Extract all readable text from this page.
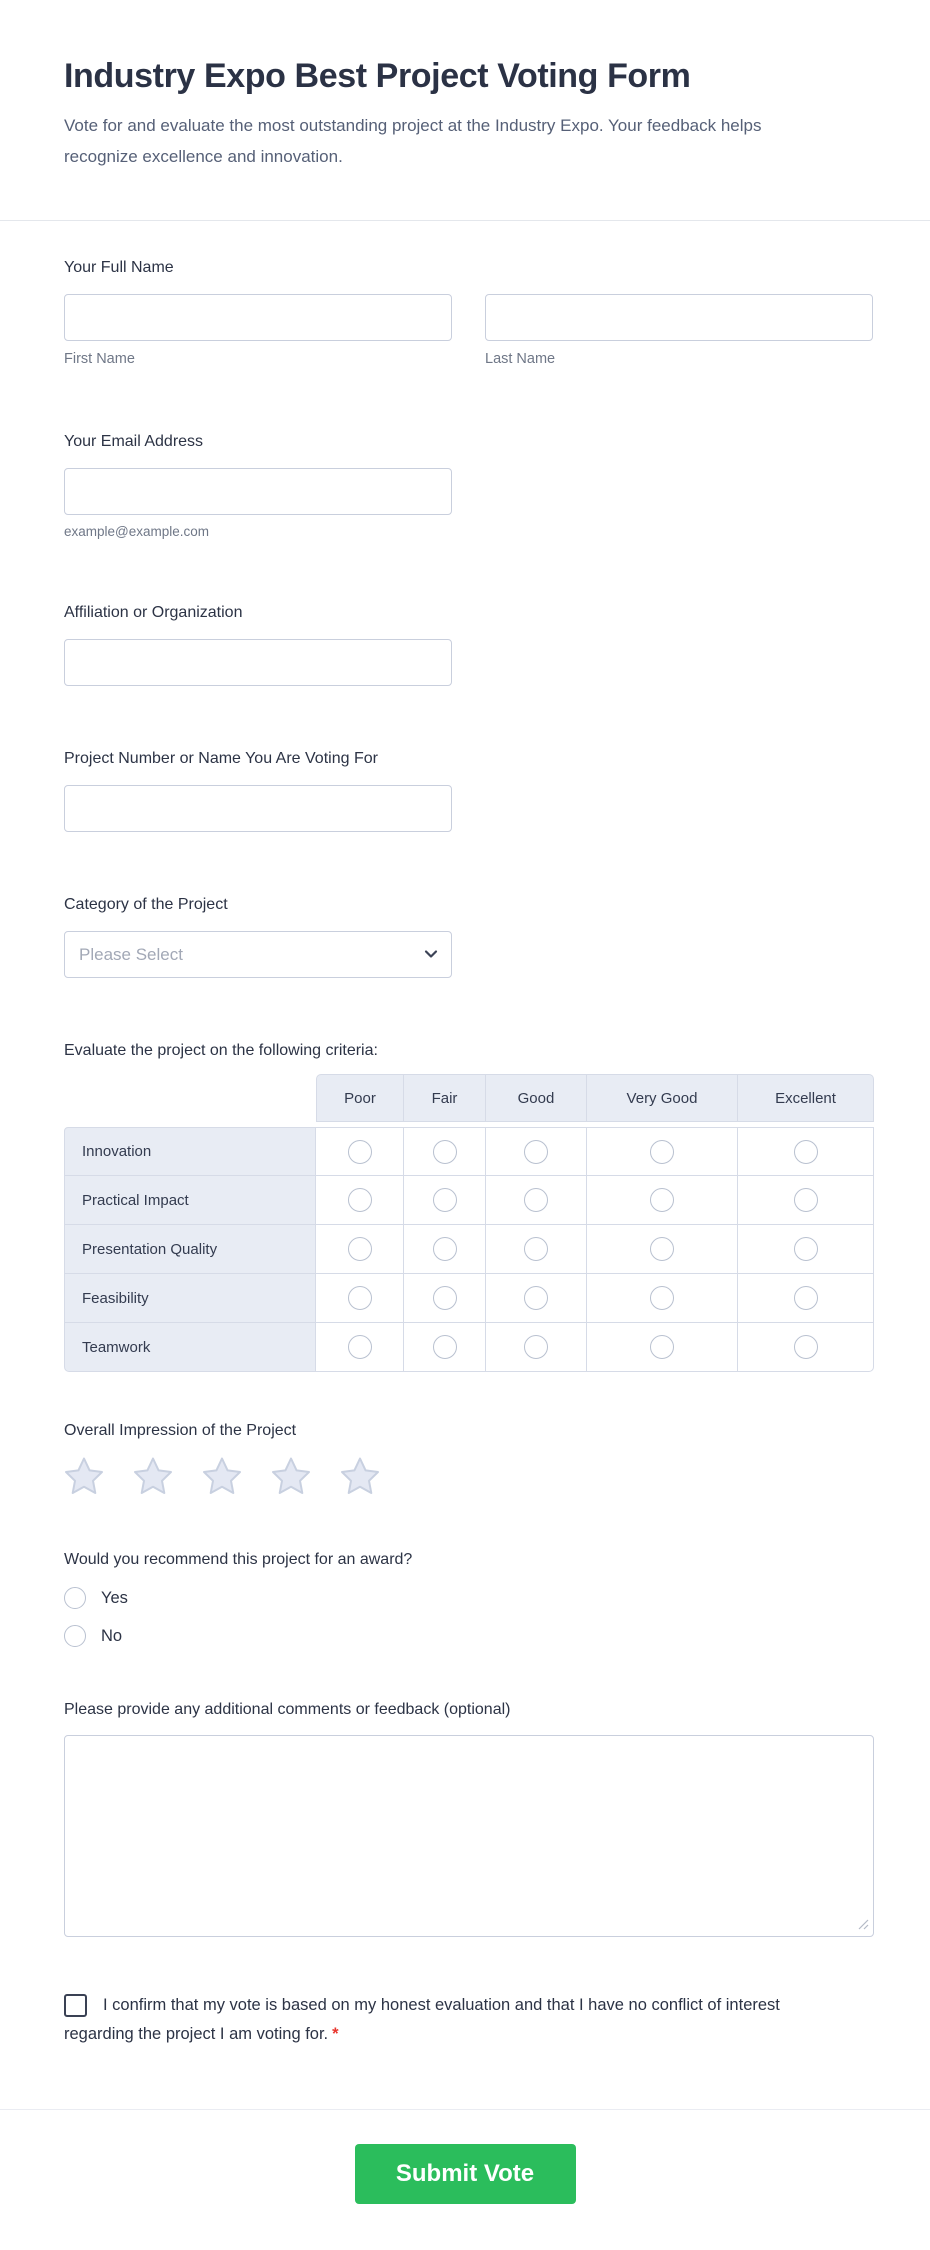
Industry Expo Best Project Voting Form

Vote for and evaluate the most outstanding project at the Industry Expo. Your feedback helps recognize excellence and innovation.

Your Full Name
First Name	Last Name
Your Email Address
example@example.com
Affiliation or Organization
Project Number or Name You Are Voting For
Category of the Project
Please Select
Evaluate the project on the following criteria:
	Poor	Fair	Good	Very Good	Excellent
Innovation					
Practical Impact					
Presentation Quality					
Feasibility					
Teamwork					
Overall Impression of the Project
Would you recommend this project for an award?
Yes
No
Please provide any additional comments or feedback (optional)
I confirm that my vote is based on my honest evaluation and that I have no conflict of interest regarding the project I am voting for. *
Submit Vote
